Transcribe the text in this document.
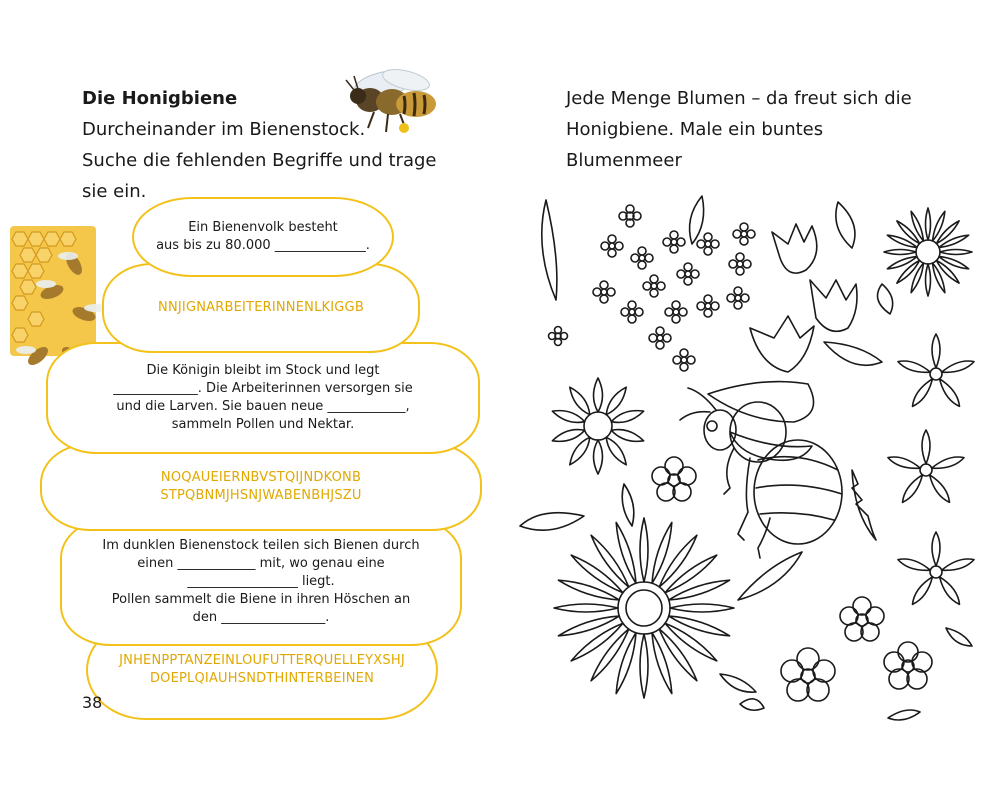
Die Honigbiene
Durcheinander im Bienenstock.
Suche die fehlenden Begriffe und trage
sie ein.
JNHENPPTANZEINLOUFUTTERQUELLEYXSHJ
DOEPLQIAUHSNDTHINTERBEINEN
Im dunklen Bienenstock teilen sich Bienen durch
einen ____________ mit, wo genau eine
_________________ liegt.
Pollen sammelt die Biene in ihren Höschen an
den ________________.
NOQAUEIERNBVSTQIJNDKONB
STPQBNMJHSNJWABENBHJSZU
Die Königin bleibt im Stock und legt
_____________. Die Arbeiterinnen versorgen sie
und die Larven. Sie bauen neue ____________,
sammeln Pollen und Nektar.
NNJIGNARBEITERINNENLKIGGB
Ein Bienenvolk besteht
aus bis zu 80.000 ______________.
38
Jede Menge Blumen – da freut sich die
Honigbiene. Male ein buntes
Blumenmeer
